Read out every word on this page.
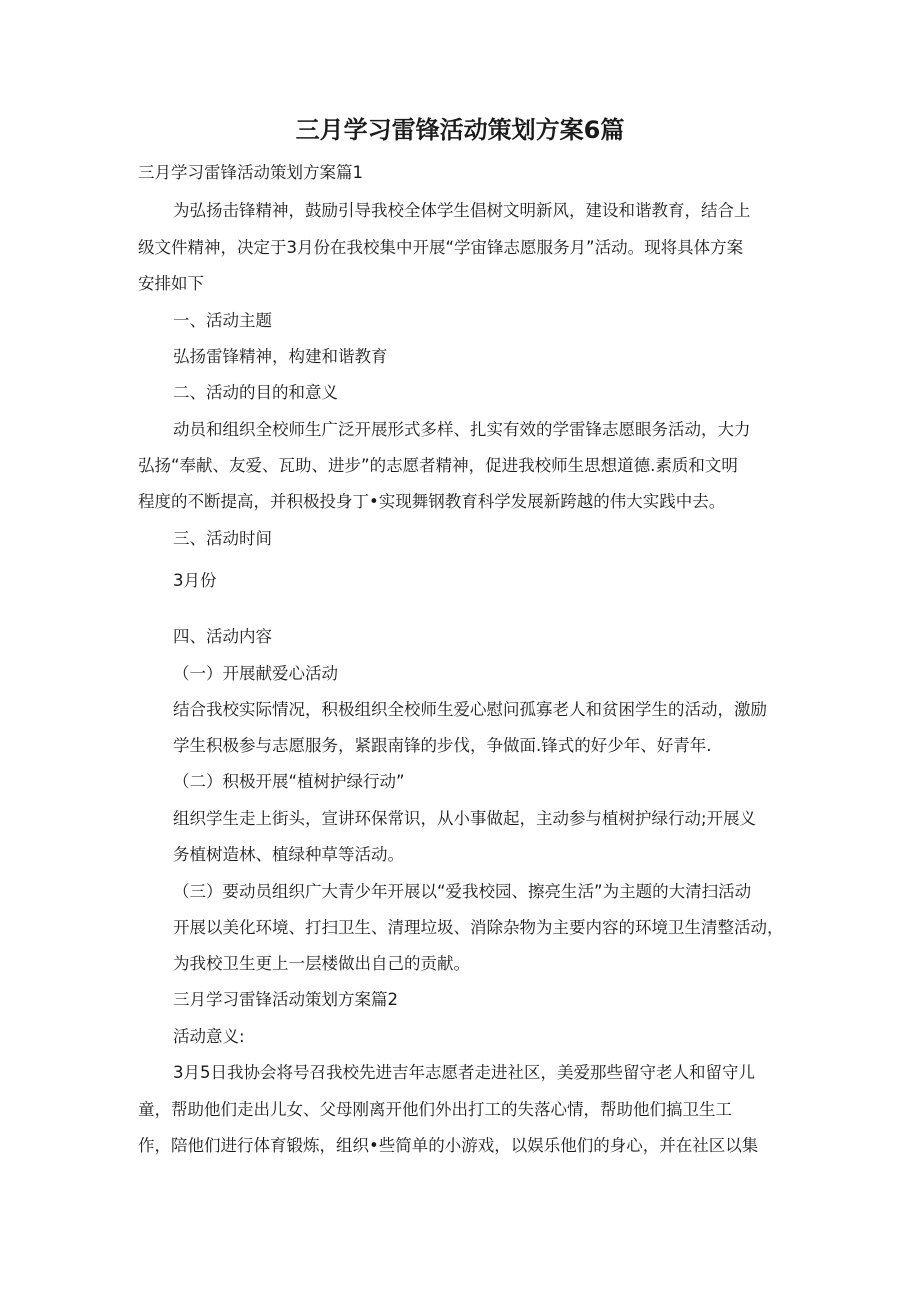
三月学习雷锋活动策划方案6篇

三月学习雷锋活动策划方案篇1

为弘扬击锋精神，鼓励引导我校全体学生倡树文明新风，建设和谐教育，结合上

级文件精神，决定于3月份在我校集中开展“学宙锋志愿服务月”活动。现将具体方案

安排如下

一、活动主题

弘扬雷锋精神，构建和谐教育

二、活动的目的和意义

动员和组织全校师生广泛开展形式多样、扎实有效的学雷锋志愿眼务活动，大力

弘扬“奉献、友爱、瓦助、进步”的志愿者精神，促进我校师生思想道德.素质和文明

程度的不断提高，并积极投身丁•实现舞钢教育科学发展新跨越的伟大实践中去。

三、活动时间

3月份

四、活动内容

（一）开展献爱心活动

结合我校实际情况，积极组织全校师生爱心慰问孤寡老人和贫困学生的活动，激励

学生积极参与志愿服务，紧跟南锋的步伐，争做面.锋式的好少年、好青年.

（二）积极开展“植树护绿行动”

组织学生走上街头，宣讲环保常识，从小事做起，主动参与植树护绿行动;开展义

务植树造林、植绿种草等活动。

（三）要动员组织广大青少年开展以“爱我校园、擦亮生活”为主题的大清扫活动

开展以美化环境、打扫卫生、清理垃圾、消除杂物为主要内容的环境卫生清整活动，

为我校卫生更上一层楼做出自己的贡献。

三月学习雷锋活动策划方案篇2

活动意义:

3月5日我协会将号召我校先进吉年志愿者走进社区，美爱那些留守老人和留守儿

童，帮助他们走出儿女、父母刚离开他们外出打工的失落心情，帮助他们搞卫生工

作，陪他们进行体育锻炼，组织•些简单的小游戏，以娱乐他们的身心，并在社区以集
